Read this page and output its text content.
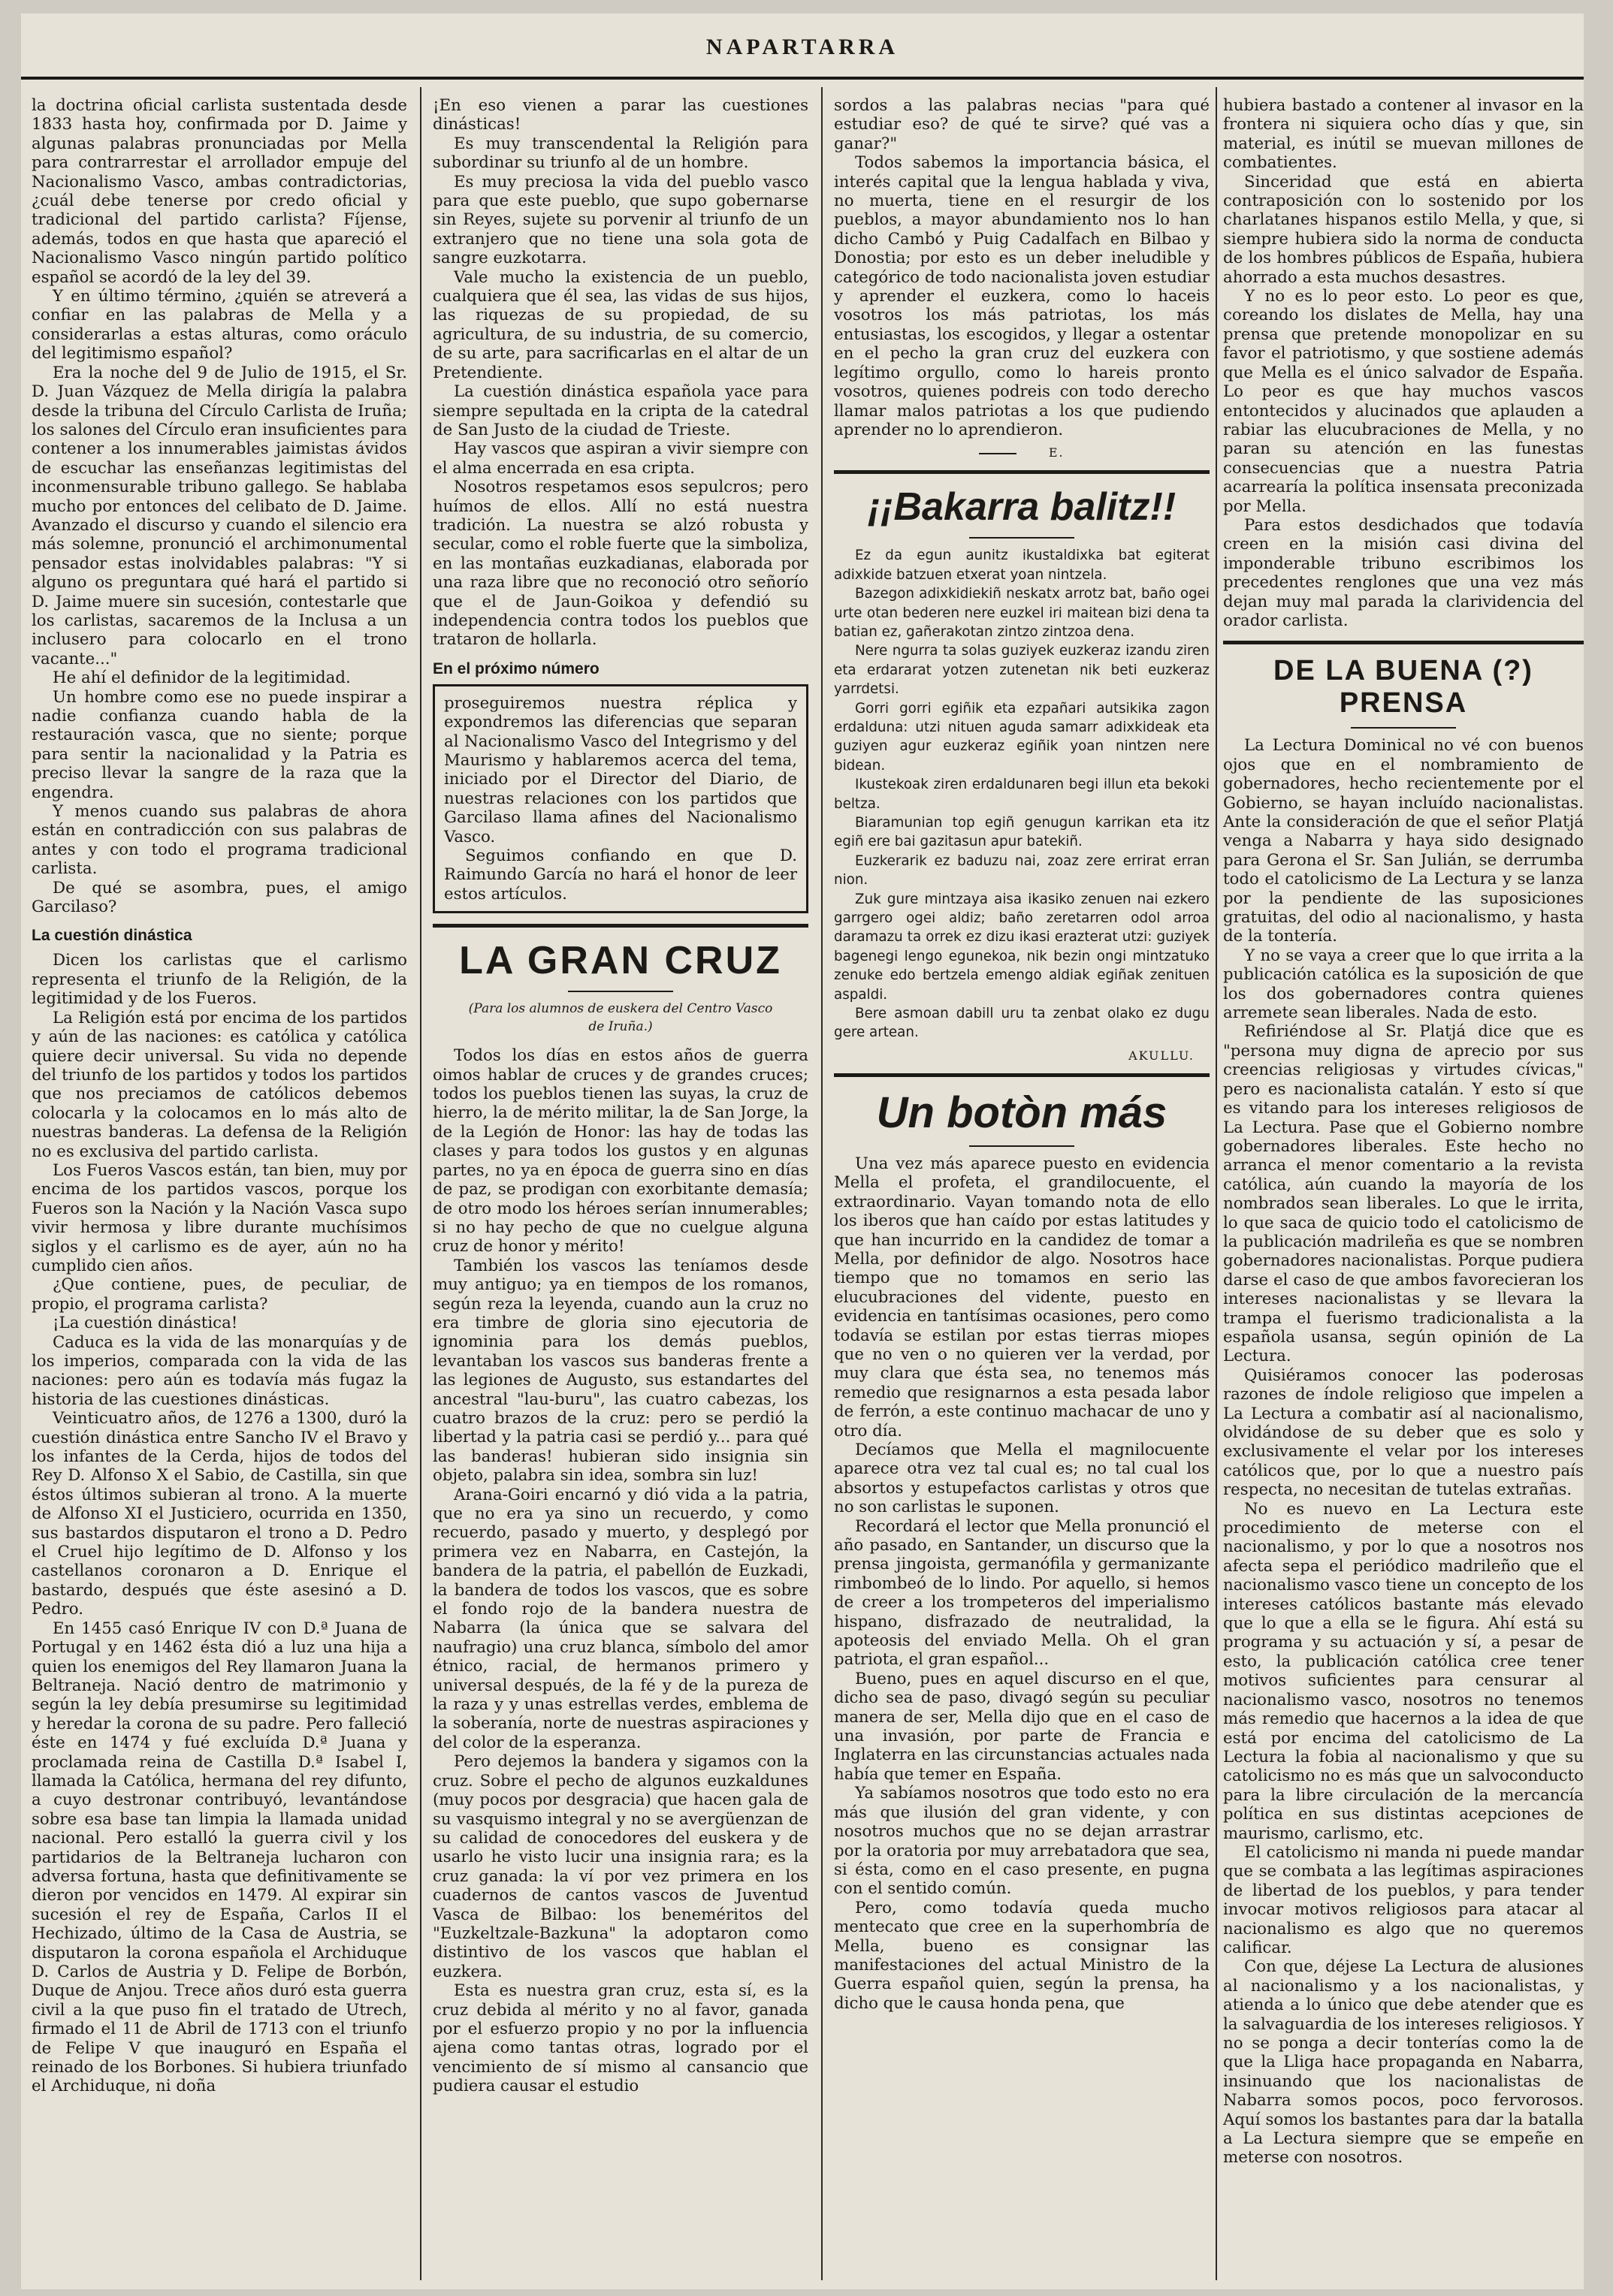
NAPARTARRA

la doctrina oficial carlista sustentada desde 1833 hasta hoy, confirmada por D. Jaime y algunas palabras pronunciadas por Mella para contrarrestar el arrollador empuje del Nacionalismo Vasco, ambas contradictorias, ¿cuál debe tenerse por credo oficial y tradicional del partido carlista? Fíjense, además, todos en que hasta que apareció el Nacionalismo Vasco ningún partido político español se acordó de la ley del 39.

Y en último término, ¿quién se atreverá a confiar en las palabras de Mella y a considerarlas a estas alturas, como oráculo del legitimismo español?

Era la noche del 9 de Julio de 1915, el Sr. D. Juan Vázquez de Mella dirigía la palabra desde la tribuna del Círculo Carlista de Iruña; los salones del Círculo eran insuficientes para contener a los innumerables jaimistas ávidos de escuchar las enseñanzas legitimistas del inconmensurable tribuno gallego. Se hablaba mucho por entonces del celibato de D. Jaime. Avanzado el discurso y cuando el silencio era más solemne, pronunció el archimonumental pensador estas inolvidables palabras: "Y si alguno os preguntara qué hará el partido si D. Jaime muere sin sucesión, contestarle que los carlistas, sacaremos de la Inclusa a un inclusero para colocarlo en el trono vacante..."

He ahí el definidor de la legitimidad.

Un hombre como ese no puede inspirar a nadie confianza cuando habla de la restauración vasca, que no siente; porque para sentir la nacionalidad y la Patria es preciso llevar la sangre de la raza que la engendra.

Y menos cuando sus palabras de ahora están en contradicción con sus palabras de antes y con todo el programa tradicional carlista.

De qué se asombra, pues, el amigo Garcilaso?

La cuestión dinástica

Dicen los carlistas que el carlismo representa el triunfo de la Religión, de la legitimidad y de los Fueros.

La Religión está por encima de los partidos y aún de las naciones: es católica y católica quiere decir universal. Su vida no depende del triunfo de los partidos y todos los partidos que nos preciamos de católicos debemos colocarla y la colocamos en lo más alto de nuestras banderas. La defensa de la Religión no es exclusiva del partido carlista.

Los Fueros Vascos están, tan bien, muy por encima de los partidos vascos, porque los Fueros son la Nación y la Nación Vasca supo vivir hermosa y libre durante muchísimos siglos y el carlismo es de ayer, aún no ha cumplido cien años.

¿Que contiene, pues, de peculiar, de propio, el programa carlista?

¡La cuestión dinástica!

Caduca es la vida de las monarquías y de los imperios, comparada con la vida de las naciones: pero aún es todavía más fugaz la historia de las cuestiones dinásticas.

Veinticuatro años, de 1276 a 1300, duró la cuestión dinástica entre Sancho IV el Bravo y los infantes de la Cerda, hijos de todos del Rey D. Alfonso X el Sabio, de Castilla, sin que éstos últimos subieran al trono. A la muerte de Alfonso XI el Justiciero, ocurrida en 1350, sus bastardos disputaron el trono a D. Pedro el Cruel hijo legítimo de D. Alfonso y los castellanos coronaron a D. Enrique el bastardo, después que éste asesinó a D. Pedro.

En 1455 casó Enrique IV con D.ª Juana de Portugal y en 1462 ésta dió a luz una hija a quien los enemigos del Rey llamaron Juana la Beltraneja. Nació dentro de matrimonio y según la ley debía presumirse su legitimidad y heredar la corona de su padre. Pero falleció éste en 1474 y fué excluída D.ª Juana y proclamada reina de Castilla D.ª Isabel I, llamada la Católica, hermana del rey difunto, a cuyo destronar contribuyó, levantándose sobre esa base tan limpia la llamada unidad nacional. Pero estalló la guerra civil y los partidarios de la Beltraneja lucharon con adversa fortuna, hasta que definitivamente se dieron por vencidos en 1479. Al expirar sin sucesión el rey de España, Carlos II el Hechizado, último de la Casa de Austria, se disputaron la corona española el Archiduque D. Carlos de Austria y D. Felipe de Borbón, Duque de Anjou. Trece años duró esta guerra civil a la que puso fin el tratado de Utrech, firmado el 11 de Abril de 1713 con el triunfo de Felipe V que inauguró en España el reinado de los Borbones. Si hubiera triunfado el Archiduque, ni doña

¡En eso vienen a parar las cuestiones dinásticas!

Es muy transcendental la Religión para subordinar su triunfo al de un hombre.

Es muy preciosa la vida del pueblo vasco para que este pueblo, que supo gobernarse sin Reyes, sujete su porvenir al triunfo de un extranjero que no tiene una sola gota de sangre euzkotarra.

Vale mucho la existencia de un pueblo, cualquiera que él sea, las vidas de sus hijos, las riquezas de su propiedad, de su agricultura, de su industria, de su comercio, de su arte, para sacrificarlas en el altar de un Pretendiente.

La cuestión dinástica española yace para siempre sepultada en la cripta de la catedral de San Justo de la ciudad de Trieste.

Hay vascos que aspiran a vivir siempre con el alma encerrada en esa cripta.

Nosotros respetamos esos sepulcros; pero huímos de ellos. Allí no está nuestra tradición. La nuestra se alzó robusta y secular, como el roble fuerte que la simboliza, en las montañas euzkadianas, elaborada por una raza libre que no reconoció otro señorío que el de Jaun-Goikoa y defendió su independencia contra todos los pueblos que trataron de hollarla.

En el próximo número

proseguiremos nuestra réplica y expondremos las diferencias que separan al Nacionalismo Vasco del Integrismo y del Maurismo y hablaremos acerca del tema, iniciado por el Director del Diario, de nuestras relaciones con los partidos que Garcilaso llama afines del Nacionalismo Vasco.

Seguimos confiando en que D. Raimundo García no hará el honor de leer estos artículos.

LA GRAN CRUZ
(Para los alumnos de euskera del Centro Vasco de Iruña.)

Todos los días en estos años de guerra oimos hablar de cruces y de grandes cruces; todos los pueblos tienen las suyas, la cruz de hierro, la de mérito militar, la de San Jorge, la de la Legión de Honor: las hay de todas las clases y para todos los gustos y en algunas partes, no ya en época de guerra sino en días de paz, se prodigan con exorbitante demasía; de otro modo los héroes serían innumerables; si no hay pecho de que no cuelgue alguna cruz de honor y mérito!

También los vascos las teníamos desde muy antiguo; ya en tiempos de los romanos, según reza la leyenda, cuando aun la cruz no era timbre de gloria sino ejecutoria de ignominia para los demás pueblos, levantaban los vascos sus banderas frente a las legiones de Augusto, sus estandartes del ancestral "lau-buru", las cuatro cabezas, los cuatro brazos de la cruz: pero se perdió la libertad y la patria casi se perdió y... para qué las banderas! hubieran sido insignia sin objeto, palabra sin idea, sombra sin luz!

Arana-Goiri encarnó y dió vida a la patria, que no era ya sino un recuerdo, y como recuerdo, pasado y muerto, y desplegó por primera vez en Nabarra, en Castejón, la bandera de la patria, el pabellón de Euzkadi, la bandera de todos los vascos, que es sobre el fondo rojo de la bandera nuestra de Nabarra (la única que se salvara del naufragio) una cruz blanca, símbolo del amor étnico, racial, de hermanos primero y universal después, de la fé y de la pureza de la raza y y unas estrellas verdes, emblema de la soberanía, norte de nuestras aspiraciones y del color de la esperanza.

Pero dejemos la bandera y sigamos con la cruz. Sobre el pecho de algunos euzkaldunes (muy pocos por desgracia) que hacen gala de su vasquismo integral y no se avergüenzan de su calidad de conocedores del euskera y de usarlo he visto lucir una insignia rara; es la cruz ganada: la ví por vez primera en los cuadernos de cantos vascos de Juventud Vasca de Bilbao: los beneméritos del "Euzkeltzale-Bazkuna" la adoptaron como distintivo de los vascos que hablan el euzkera.

Esta es nuestra gran cruz, esta sí, es la cruz debida al mérito y no al favor, ganada por el esfuerzo propio y no por la influencia ajena como tantas otras, logrado por el vencimiento de sí mismo al cansancio que pudiera causar el estudio

sordos a las palabras necias "para qué estudiar eso? de qué te sirve? qué vas a ganar?"

Todos sabemos la importancia básica, el interés capital que la lengua hablada y viva, no muerta, tiene en el resurgir de los pueblos, a mayor abundamiento nos lo han dicho Cambó y Puig Cadalfach en Bilbao y Donostia; por esto es un deber ineludible y categórico de todo nacionalista joven estudiar y aprender el euzkera, como lo haceis vosotros los más patriotas, los más entusiastas, los escogidos, y llegar a ostentar en el pecho la gran cruz del euzkera con legítimo orgullo, como lo hareis pronto vosotros, quienes podreis con todo derecho llamar malos patriotas a los que pudiendo aprender no lo aprendieron.

E.
¡¡Bakarra balitz!!

Ez da egun aunitz ikustaldixka bat egiterat adixkide batzuen etxerat yoan nintzela.

Bazegon adixkidiekiñ neskatx arrotz bat, baño ogei urte otan bederen nere euzkel iri maitean bizi dena ta batian ez, gañerakotan zintzo zintzoa dena.

Nere ngurra ta solas guziyek euzkeraz izandu ziren eta erdararat yotzen zutenetan nik beti euzkeraz yarrdetsi.

Gorri gorri egiñik eta ezpañari autsikika zagon erdalduna: utzi nituen aguda samarr adixkideak eta guziyen agur euzkeraz egiñik yoan nintzen nere bidean.

Ikustekoak ziren erdaldunaren begi illun eta bekoki beltza.

Biaramunian top egiñ genugun karrikan eta itz egiñ ere bai gazitasun apur batekiñ.

Euzkerarik ez baduzu nai, zoaz zere errirat erran nion.

Zuk gure mintzaya aisa ikasiko zenuen nai ezkero garrgero ogei aldiz; baño zeretarren odol arroa daramazu ta orrek ez dizu ikasi erazterat utzi: guziyek bagenegi lengo egunekoa, nik bezin ongi mintzatuko zenuke edo bertzela emengo aldiak egiñak zenituen aspaldi.

Bere asmoan dabill uru ta zenbat olako ez dugu gere artean.

AKULLU.
Un botòn más

Una vez más aparece puesto en evidencia Mella el profeta, el grandilocuente, el extraordinario. Vayan tomando nota de ello los iberos que han caído por estas latitudes y que han incurrido en la candidez de tomar a Mella, por definidor de algo. Nosotros hace tiempo que no tomamos en serio las elucubraciones del vidente, puesto en evidencia en tantísimas ocasiones, pero como todavía se estilan por estas tierras miopes que no ven o no quieren ver la verdad, por muy clara que ésta sea, no tenemos más remedio que resignarnos a esta pesada labor de ferrón, a este continuo machacar de uno y otro día.

Decíamos que Mella el magnilocuente aparece otra vez tal cual es; no tal cual los absortos y estupefactos carlistas y otros que no son carlistas le suponen.

Recordará el lector que Mella pronunció el año pasado, en Santander, un discurso que la prensa jingoista, germanófila y germanizante rimbombeó de lo lindo. Por aquello, si hemos de creer a los trompeteros del imperialismo hispano, disfrazado de neutralidad, la apoteosis del enviado Mella. Oh el gran patriota, el gran español...

Bueno, pues en aquel discurso en el que, dicho sea de paso, divagó según su peculiar manera de ser, Mella dijo que en el caso de una invasión, por parte de Francia e Inglaterra en las circunstancias actuales nada había que temer en España.

Ya sabíamos nosotros que todo esto no era más que ilusión del gran vidente, y con nosotros muchos que no se dejan arrastrar por la oratoria por muy arrebatadora que sea, si ésta, como en el caso presente, en pugna con el sentido común.

Pero, como todavía queda mucho mentecato que cree en la superhombría de Mella, bueno es consignar las manifestaciones del actual Ministro de la Guerra español quien, según la prensa, ha dicho que le causa honda pena, que

hubiera bastado a contener al invasor en la frontera ni siquiera ocho días y que, sin material, es inútil se muevan millones de combatientes.

Sinceridad que está en abierta contraposición con lo sostenido por los charlatanes hispanos estilo Mella, y que, si siempre hubiera sido la norma de conducta de los hombres públicos de España, hubiera ahorrado a esta muchos desastres.

Y no es lo peor esto. Lo peor es que, coreando los dislates de Mella, hay una prensa que pretende monopolizar en su favor el patriotismo, y que sostiene además que Mella es el único salvador de España. Lo peor es que hay muchos vascos entontecidos y alucinados que aplauden a rabiar las elucubraciones de Mella, y no paran su atención en las funestas consecuencias que a nuestra Patria acarrearía la política insensata preconizada por Mella.

Para estos desdichados que todavía creen en la misión casi divina del imponderable tribuno escribimos los precedentes renglones que una vez más dejan muy mal parada la clarividencia del orador carlista.

DE LA BUENA (?) PRENSA

La Lectura Dominical no vé con buenos ojos que en el nombramiento de gobernadores, hecho recientemente por el Gobierno, se hayan incluído nacionalistas. Ante la consideración de que el señor Platjá venga a Nabarra y haya sido designado para Gerona el Sr. San Julián, se derrumba todo el catolicismo de La Lectura y se lanza por la pendiente de las suposiciones gratuitas, del odio al nacionalismo, y hasta de la tontería.

Y no se vaya a creer que lo que irrita a la publicación católica es la suposición de que los dos gobernadores contra quienes arremete sean liberales. Nada de esto.

Refiriéndose al Sr. Platjá dice que es "persona muy digna de aprecio por sus creencias religiosas y virtudes cívicas," pero es nacionalista catalán. Y esto sí que es vitando para los intereses religiosos de La Lectura. Pase que el Gobierno nombre gobernadores liberales. Este hecho no arranca el menor comentario a la revista católica, aún cuando la mayoría de los nombrados sean liberales. Lo que le irrita, lo que saca de quicio todo el catolicismo de la publicación madrileña es que se nombren gobernadores nacionalistas. Porque pudiera darse el caso de que ambos favorecieran los intereses nacionalistas y se llevara la trampa el fuerismo tradicionalista a la española usansa, según opinión de La Lectura.

Quisiéramos conocer las poderosas razones de índole religioso que impelen a La Lectura a combatir así al nacionalismo, olvidándose de su deber que es solo y exclusivamente el velar por los intereses católicos que, por lo que a nuestro país respecta, no necesitan de tutelas extrañas.

No es nuevo en La Lectura este procedimiento de meterse con el nacionalismo, y por lo que a nosotros nos afecta sepa el periódico madrileño que el nacionalismo vasco tiene un concepto de los intereses católicos bastante más elevado que lo que a ella se le figura. Ahí está su programa y su actuación y sí, a pesar de esto, la publicación católica cree tener motivos suficientes para censurar al nacionalismo vasco, nosotros no tenemos más remedio que hacernos a la idea de que está por encima del catolicismo de La Lectura la fobia al nacionalismo y que su catolicismo no es más que un salvoconducto para la libre circulación de la mercancía política en sus distintas acepciones de maurismo, carlismo, etc.

El catolicismo ni manda ni puede mandar que se combata a las legítimas aspiraciones de libertad de los pueblos, y para tender invocar motivos religiosos para atacar al nacionalismo es algo que no queremos calificar.

Con que, déjese La Lectura de alusiones al nacionalismo y a los nacionalistas, y atienda a lo único que debe atender que es la salvaguardia de los intereses religiosos. Y no se ponga a decir tonterías como la de que la Lliga hace propaganda en Nabarra, insinuando que los nacionalistas de Nabarra somos pocos, poco fervorosos. Aquí somos los bastantes para dar la batalla a La Lectura siempre que se empeñe en meterse con nosotros.
